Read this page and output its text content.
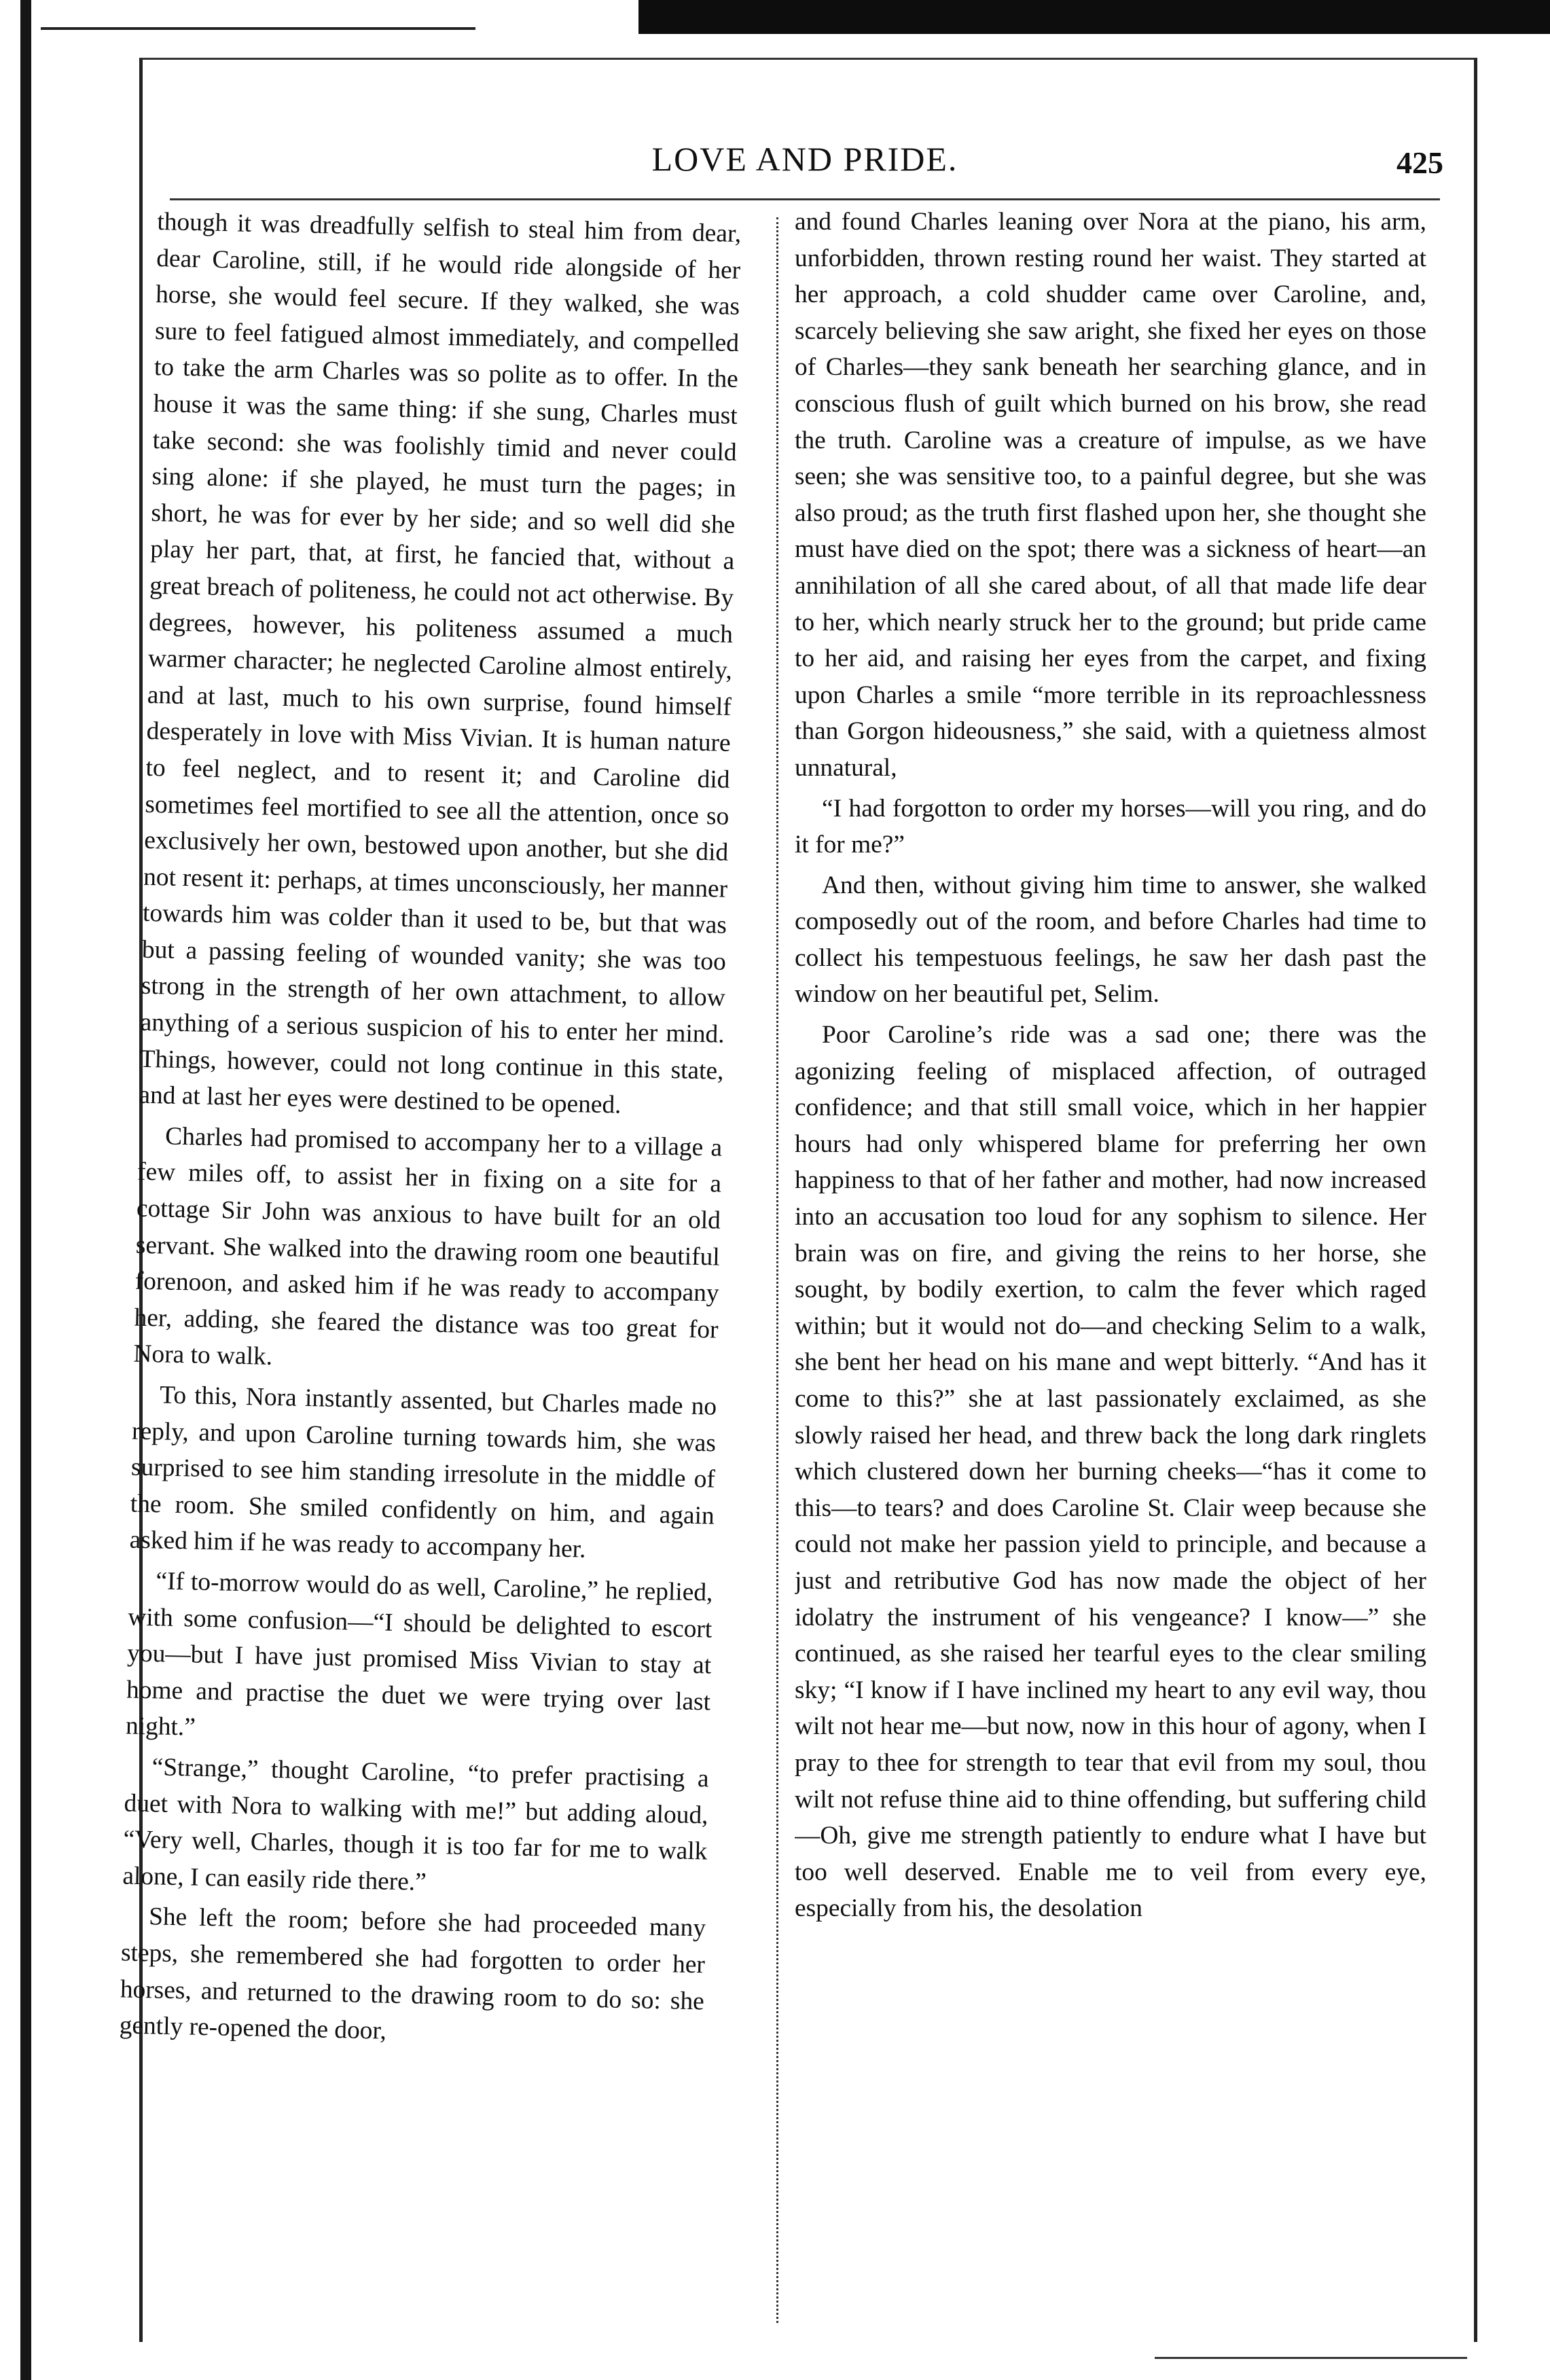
LOVE AND PRIDE.	425

though it was dreadfully selfish to steal him from dear, dear Caroline, still, if he would ride alongside of her horse, she would feel secure. If they walked, she was sure to feel fatigued almost immediately, and compelled to take the arm Charles was so polite as to offer. In the house it was the same thing: if she sung, Charles must take second: she was foolishly timid and never could sing alone: if she played, he must turn the pages; in short, he was for ever by her side; and so well did she play her part, that, at first, he fancied that, without a great breach of politeness, he could not act otherwise. By degrees, however, his politeness assumed a much warmer character; he neglected Caroline almost entirely, and at last, much to his own surprise, found himself desperately in love with Miss Vivian. It is human nature to feel neglect, and to resent it; and Caroline did sometimes feel mortified to see all the attention, once so exclusively her own, bestowed upon another, but she did not resent it: perhaps, at times unconsciously, her manner towards him was colder than it used to be, but that was but a passing feeling of wounded vanity; she was too strong in the strength of her own attachment, to allow anything of a serious suspicion of his to enter her mind. Things, however, could not long continue in this state, and at last her eyes were destined to be opened.

Charles had promised to accompany her to a village a few miles off, to assist her in fixing on a site for a cottage Sir John was anxious to have built for an old servant. She walked into the drawing room one beautiful forenoon, and asked him if he was ready to accompany her, adding, she feared the distance was too great for Nora to walk.

To this, Nora instantly assented, but Charles made no reply, and upon Caroline turning towards him, she was surprised to see him standing irresolute in the middle of the room. She smiled confidently on him, and again asked him if he was ready to accompany her.

“If to-morrow would do as well, Caroline,” he replied, with some confusion—“I should be delighted to escort you—but I have just promised Miss Vivian to stay at home and practise the duet we were trying over last night.”

“Strange,” thought Caroline, “to prefer practising a duet with Nora to walking with me!” but adding aloud, “Very well, Charles, though it is too far for me to walk alone, I can easily ride there.”

She left the room; before she had proceeded many steps, she remembered she had forgotten to order her horses, and returned to the drawing room to do so: she gently re-opened the door,

and found Charles leaning over Nora at the piano, his arm, unforbidden, thrown resting round her waist. They started at her approach, a cold shudder came over Caroline, and, scarcely believing she saw aright, she fixed her eyes on those of Charles—they sank beneath her searching glance, and in conscious flush of guilt which burned on his brow, she read the truth. Caroline was a creature of impulse, as we have seen; she was sensitive too, to a painful degree, but she was also proud; as the truth first flashed upon her, she thought she must have died on the spot; there was a sickness of heart—an annihilation of all she cared about, of all that made life dear to her, which nearly struck her to the ground; but pride came to her aid, and raising her eyes from the carpet, and fixing upon Charles a smile “more terrible in its reproachlessness than Gorgon hideousness,” she said, with a quietness almost unnatural,

“I had forgotton to order my horses—will you ring, and do it for me?”

And then, without giving him time to answer, she walked composedly out of the room, and before Charles had time to collect his tempestuous feelings, he saw her dash past the window on her beautiful pet, Selim.

Poor Caroline’s ride was a sad one; there was the agonizing feeling of misplaced affection, of outraged confidence; and that still small voice, which in her happier hours had only whispered blame for preferring her own happiness to that of her father and mother, had now increased into an accusation too loud for any sophism to silence. Her brain was on fire, and giving the reins to her horse, she sought, by bodily exertion, to calm the fever which raged within; but it would not do—and checking Selim to a walk, she bent her head on his mane and wept bitterly. “And has it come to this?” she at last passionately exclaimed, as she slowly raised her head, and threw back the long dark ringlets which clustered down her burning cheeks—“has it come to this—to tears? and does Caroline St. Clair weep because she could not make her passion yield to principle, and because a just and retributive God has now made the object of her idolatry the instrument of his vengeance? I know—” she continued, as she raised her tearful eyes to the clear smiling sky; “I know if I have inclined my heart to any evil way, thou wilt not hear me—but now, now in this hour of agony, when I pray to thee for strength to tear that evil from my soul, thou wilt not refuse thine aid to thine offending, but suffering child—Oh, give me strength patiently to endure what I have but too well deserved. Enable me to veil from every eye, especially from his, the desolation
